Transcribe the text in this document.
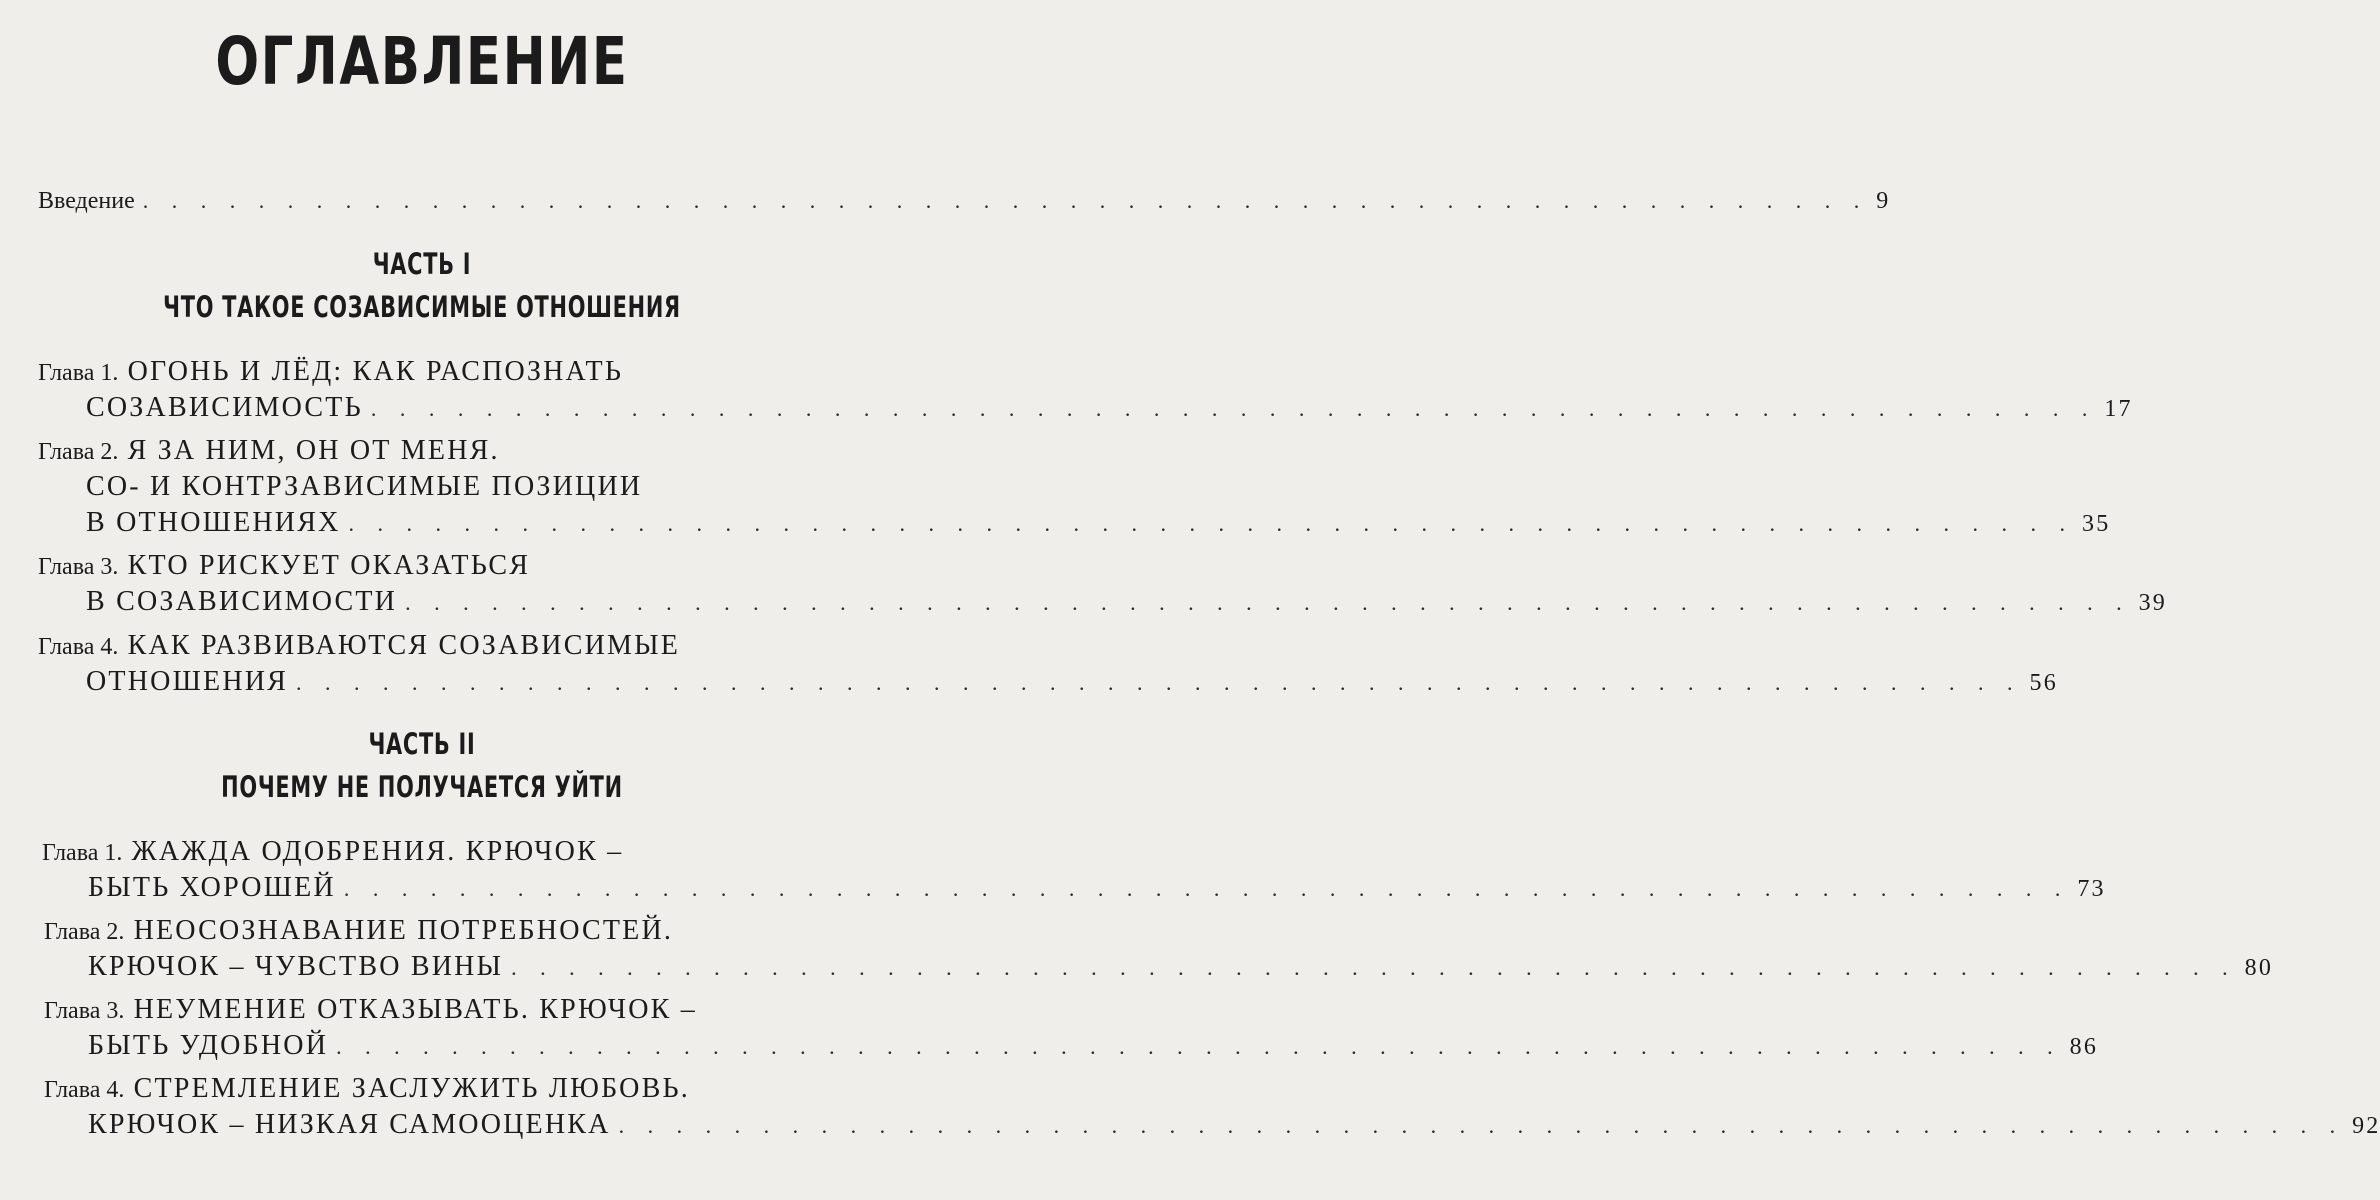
ОГЛАВЛЕНИЕ
Введение . . . . . . . . . . . . . . . . . . . . . . . . . . . . . . . . . . . . . . . . . . . . . . . . . . . . . . . . . . . . 9
ЧАСТЬ I
ЧТО ТАКОЕ СОЗАВИСИМЫЕ ОТНОШЕНИЯ
Глава 1.
ОГОНЬ И ЛЁД: КАК РАСПОЗНАТЬ
СОЗАВИСИМОСТЬ . . . . . . . . . . . . . . . . . . . . . . . . . . . . . . . . . . . . . . . . . . . . . . . . . . . . . . . . . . . . 17
Глава 2.
Я ЗА НИМ, ОН ОТ МЕНЯ.
СО- И КОНТРЗАВИСИМЫЕ ПОЗИЦИИ
В ОТНОШЕНИЯХ . . . . . . . . . . . . . . . . . . . . . . . . . . . . . . . . . . . . . . . . . . . . . . . . . . . . . . . . . . . . 35
Глава 3.
КТО РИСКУЕТ ОКАЗАТЬСЯ
В СОЗАВИСИМОСТИ . . . . . . . . . . . . . . . . . . . . . . . . . . . . . . . . . . . . . . . . . . . . . . . . . . . . . . . . . . . . 39
Глава 4.
КАК РАЗВИВАЮТСЯ СОЗАВИСИМЫЕ
ОТНОШЕНИЯ . . . . . . . . . . . . . . . . . . . . . . . . . . . . . . . . . . . . . . . . . . . . . . . . . . . . . . . . . . . . 56
ЧАСТЬ II
ПОЧЕМУ НЕ ПОЛУЧАЕТСЯ УЙТИ
Глава 1.
ЖАЖДА ОДОБРЕНИЯ. КРЮЧОК –
БЫТЬ ХОРОШЕЙ . . . . . . . . . . . . . . . . . . . . . . . . . . . . . . . . . . . . . . . . . . . . . . . . . . . . . . . . . . . . 73
Глава 2.
НЕОСОЗНАВАНИЕ ПОТРЕБНОСТЕЙ.
КРЮЧОК – ЧУВСТВО ВИНЫ . . . . . . . . . . . . . . . . . . . . . . . . . . . . . . . . . . . . . . . . . . . . . . . . . . . . . . . . . . . . 80
Глава 3.
НЕУМЕНИЕ ОТКАЗЫВАТЬ. КРЮЧОК –
БЫТЬ УДОБНОЙ . . . . . . . . . . . . . . . . . . . . . . . . . . . . . . . . . . . . . . . . . . . . . . . . . . . . . . . . . . . . 86
Глава 4.
СТРЕМЛЕНИЕ ЗАСЛУЖИТЬ ЛЮБОВЬ.
КРЮЧОК – НИЗКАЯ САМООЦЕНКА . . . . . . . . . . . . . . . . . . . . . . . . . . . . . . . . . . . . . . . . . . . . . . . . . . . . . . . . . . . . 92
